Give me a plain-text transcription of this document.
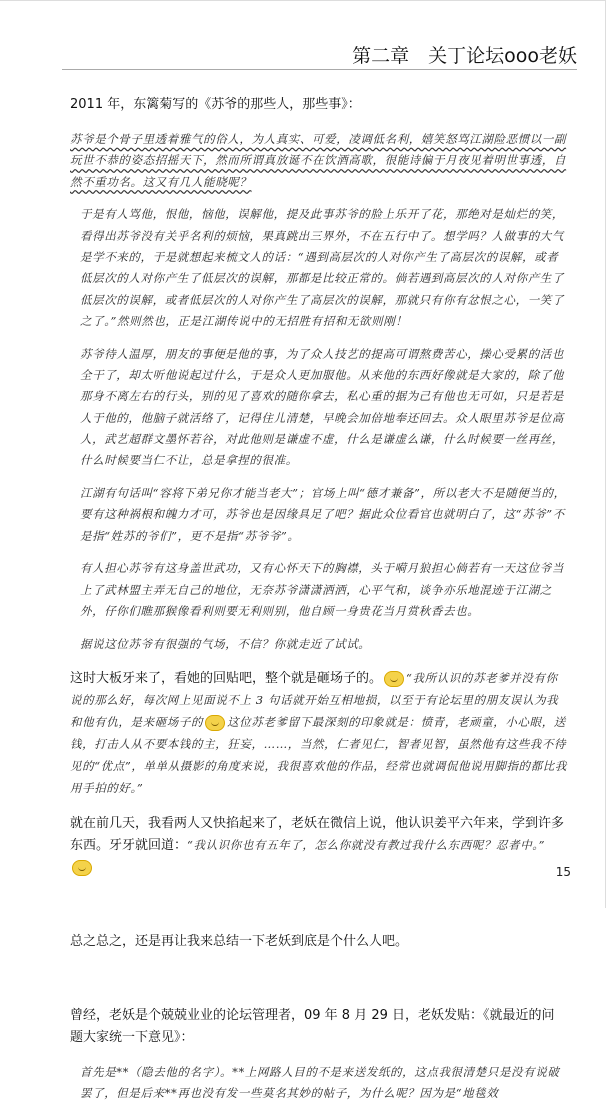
第二章　关丁论坛ooo老妖

2011 年，东篱菊写的《苏爷的那些人，那些事》：

苏爷是个骨子里透着雅气的俗人，为人真实、可爱，凌调低名利，嬉笑怒骂江湖险恶惯以一副玩世不恭的姿态招摇天下，然而所谓真放诞不在饮酒高歌，很能诗偏于月夜见着明世事透，自然不重功名。这又有几人能晓呢？

于是有人骂他，恨他，恼他，误解他，提及此事苏爷的脸上乐开了花，那绝对是灿烂的笑，看得出苏爷没有关乎名利的烦恼，果真跳出三界外，不在五行中了。想学吗？人做事的大气是学不来的，于是就想起来梳文人的话：“遇到高层次的人对你产生了高层次的误解，或者低层次的人对你产生了低层次的误解，那都是比较正常的。倘若遇到高层次的人对你产生了低层次的误解，或者低层次的人对你产生了高层次的误解，那就只有你有忿恨之心，一笑了之了。”然则然也，正是江湖传说中的无招胜有招和无欲则刚！

苏爷待人温厚，朋友的事便是他的事，为了众人技艺的提高可谓熬费苦心，操心受累的活也全干了，却太听他说起过什么，于是众人更加服他。从来他的东西好像就是大家的，除了他那身不离左右的行头，别的见了喜欢的随你拿去，私心重的据为己有他也无可如，只是若是人于他的，他脑子就活络了，记得住儿清楚，早晚会加倍地奉还回去。众人眼里苏爷是位高人，武艺超群文墨怀若谷，对此他则是谦虚不虚，什么是谦虚么谦，什么时候要一丝再丝，什么时候要当仁不让，总是拿捏的很准。

江湖有句话叫“容将下弟兄你才能当老大”；官场上叫“德才兼备”，所以老大不是随便当的，要有这种祸根和魄力才可，苏爷也是因缘具足了吧？据此众位看官也就明白了，这“苏爷”不是指“姓苏的爷们”，更不是指“苏爷爷”。

有人担心苏爷有这身盖世武功，又有心怀天下的胸襟，头于嗬月狼担心倘若有一天这位爷当上了武林盟主弄无自己的地位，无奈苏爷潇潇洒洒，心平气和，谈争亦乐地混迹于江湖之外，仔你们瞧那猴像看利则要无利则别，他自顾一身贵花当月赏秋香去也。

据说这位苏爷有很强的气场，不信？你就走近了试试。

这时大板牙来了，看她的回贴吧，整个就是砸场子的。 “我所认识的苏老爹并没有你说的那么好，每次网上见面说不上 3 句话就开始互相地损，以至于有论坛里的朋友误认为我和他有仇，是来砸场子的 这位苏老爹留下最深刻的印象就是：愤青，老顽童，小心眼，送钱，打击人从不要本钱的主，狂妄，……，当然，仁者见仁，智者见智，虽然他有这些我不待见的“优点”，单单从摄影的角度来说，我很喜欢他的作品，经常也就调侃他说用脚指的都比我用手拍的好。”

就在前几天，我看两人又快掐起来了，老妖在微信上说，他认识姜平六年来，学到许多东西。牙牙就回道：“我认识你也有五年了，怎么你就没有教过我什么东西呢？忍者中。”

总之总之，还是再让我来总结一下老妖到底是个什么人吧。

曾经，老妖是个兢兢业业的论坛管理者，09 年 8 月 29 日，老妖发贴：《就最近的问题大家统一下意见》：

首先是**（隐去他的名字）。**上网路人目的不是来送发纸的，这点我很清楚只是没有说破罢了，但是后来**再也没有发一些莫名其妙的帖子，为什么呢？因为是“地毯效

15
